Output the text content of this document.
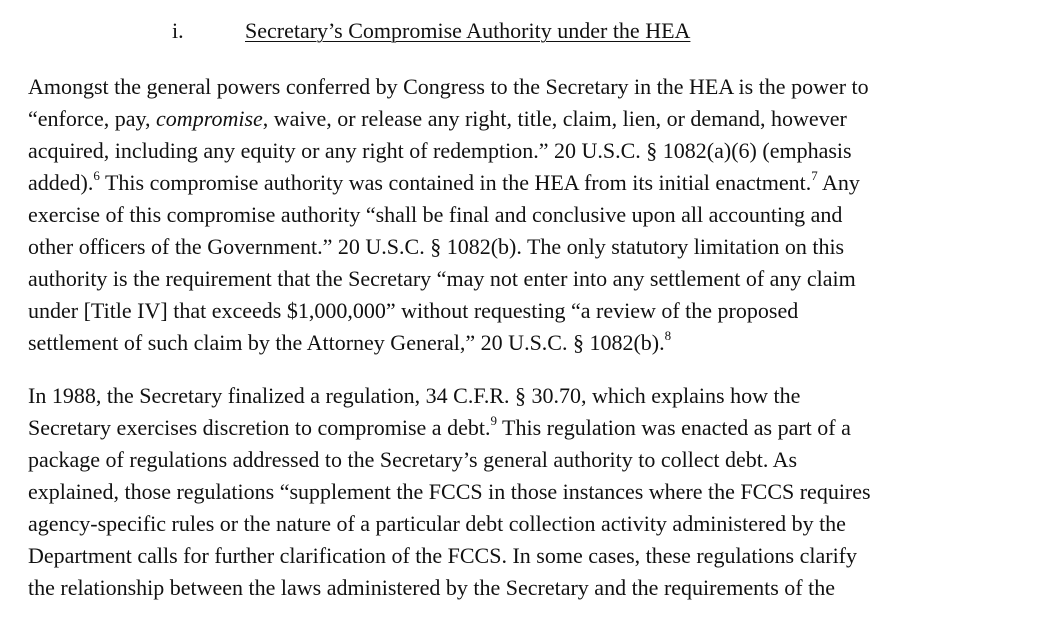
i.	Secretary’s Compromise Authority under the HEA
Amongst the general powers conferred by Congress to the Secretary in the HEA is the power to
“enforce, pay, compromise, waive, or release any right, title, claim, lien, or demand, however
acquired, including any equity or any right of redemption.” 20 U.S.C. § 1082(a)(6) (emphasis
added).$^6$ This compromise authority was contained in the HEA from its initial enactment.$^7$ Any
exercise of this compromise authority “shall be final and conclusive upon all accounting and
other officers of the Government.” 20 U.S.C. § 1082(b). The only statutory limitation on this
authority is the requirement that the Secretary “may not enter into any settlement of any claim
under [Title IV] that exceeds $1,000,000” without requesting “a review of the proposed
settlement of such claim by the Attorney General,” 20 U.S.C. § 1082(b).$^8$
In 1988, the Secretary finalized a regulation, 34 C.F.R. § 30.70, which explains how the
Secretary exercises discretion to compromise a debt.$^9$ This regulation was enacted as part of a
package of regulations addressed to the Secretary’s general authority to collect debt. As
explained, those regulations “supplement the FCCS in those instances where the FCCS requires
agency-specific rules or the nature of a particular debt collection activity administered by the
Department calls for further clarification of the FCCS. In some cases, these regulations clarify
the relationship between the laws administered by the Secretary and the requirements of the
